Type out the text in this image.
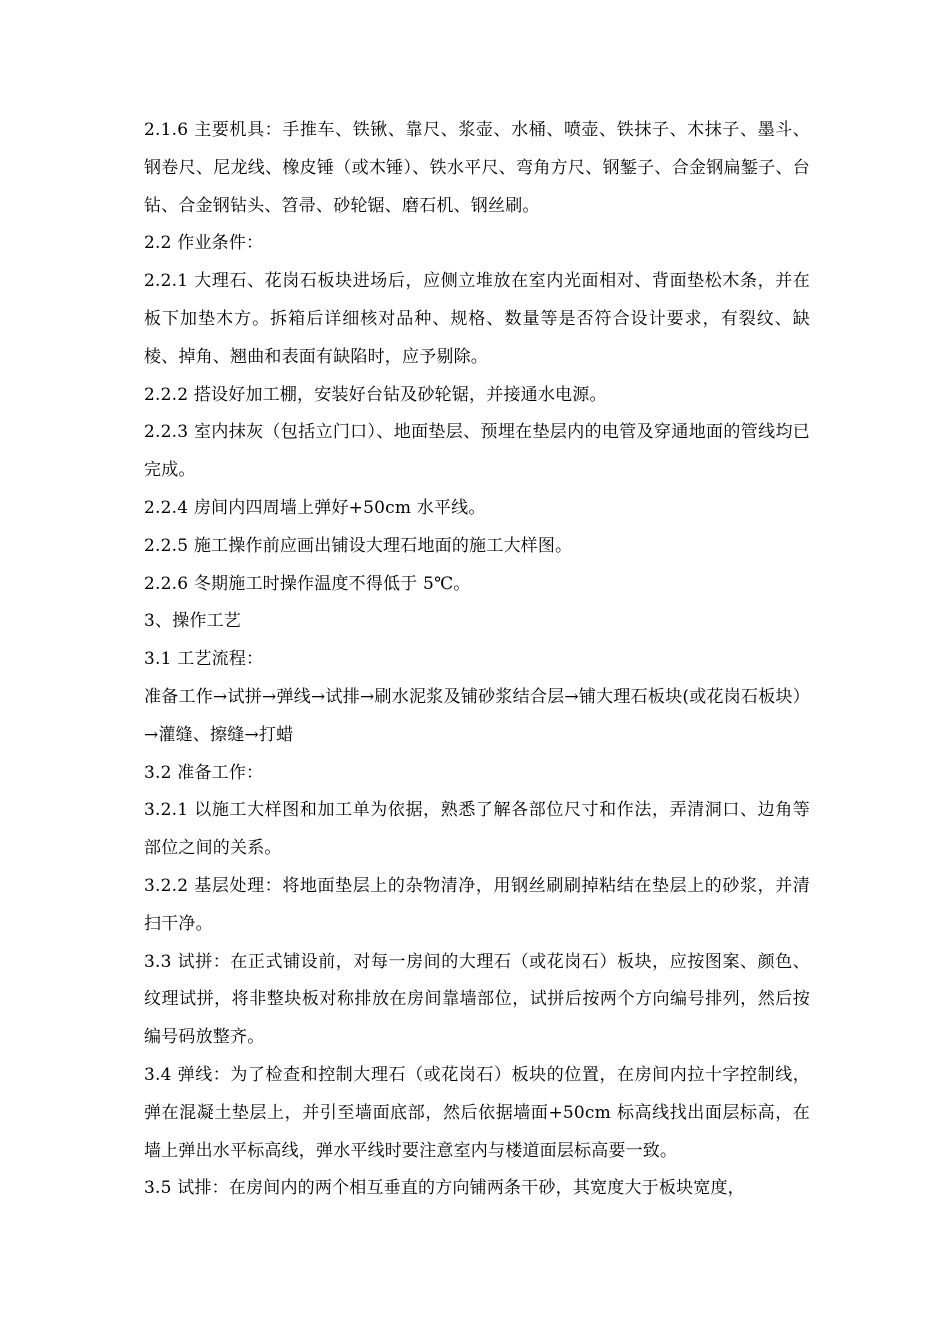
2.1.6 主要机具：手推车、铁锹、靠尺、浆壶、水桶、喷壶、铁抹子、木抹子、墨斗、钢卷尺、尼龙线、橡皮锤（或木锤）、铁水平尺、弯角方尺、钢錾子、合金钢扁錾子、台钻、合金钢钻头、笤帚、砂轮锯、磨石机、钢丝刷。

2.2 作业条件：

2.2.1 大理石、花岗石板块进场后，应侧立堆放在室内光面相对、背面垫松木条，并在板下加垫木方。拆箱后详细核对品种、规格、数量等是否符合设计要求，有裂纹、缺棱、掉角、翘曲和表面有缺陷时，应予剔除。

2.2.2 搭设好加工棚，安装好台钻及砂轮锯，并接通水电源。

2.2.3 室内抹灰（包括立门口）、地面垫层、预埋在垫层内的电管及穿通地面的管线均已完成。

2.2.4 房间内四周墙上弹好+50cm 水平线。

2.2.5 施工操作前应画出铺设大理石地面的施工大样图。

2.2.6 冬期施工时操作温度不得低于 5℃。

3、操作工艺

3.1 工艺流程：

准备工作→试拼→弹线→试排→刷水泥浆及铺砂浆结合层→铺大理石板块(或花岗石板块）→灌缝、擦缝→打蜡

3.2 准备工作：

3.2.1 以施工大样图和加工单为依据，熟悉了解各部位尺寸和作法，弄清洞口、边角等部位之间的关系。

3.2.2 基层处理：将地面垫层上的杂物清净，用钢丝刷刷掉粘结在垫层上的砂浆，并清扫干净。

3.3 试拼：在正式铺设前，对每一房间的大理石（或花岗石）板块，应按图案、颜色、纹理试拼，将非整块板对称排放在房间靠墙部位，试拼后按两个方向编号排列，然后按编号码放整齐。

3.4 弹线：为了检查和控制大理石（或花岗石）板块的位置，在房间内拉十字控制线，弹在混凝土垫层上，并引至墙面底部，然后依据墙面+50cm 标高线找出面层标高，在墙上弹出水平标高线，弹水平线时要注意室内与楼道面层标高要一致。

3.5 试排：在房间内的两个相互垂直的方向铺两条干砂，其宽度大于板块宽度，
